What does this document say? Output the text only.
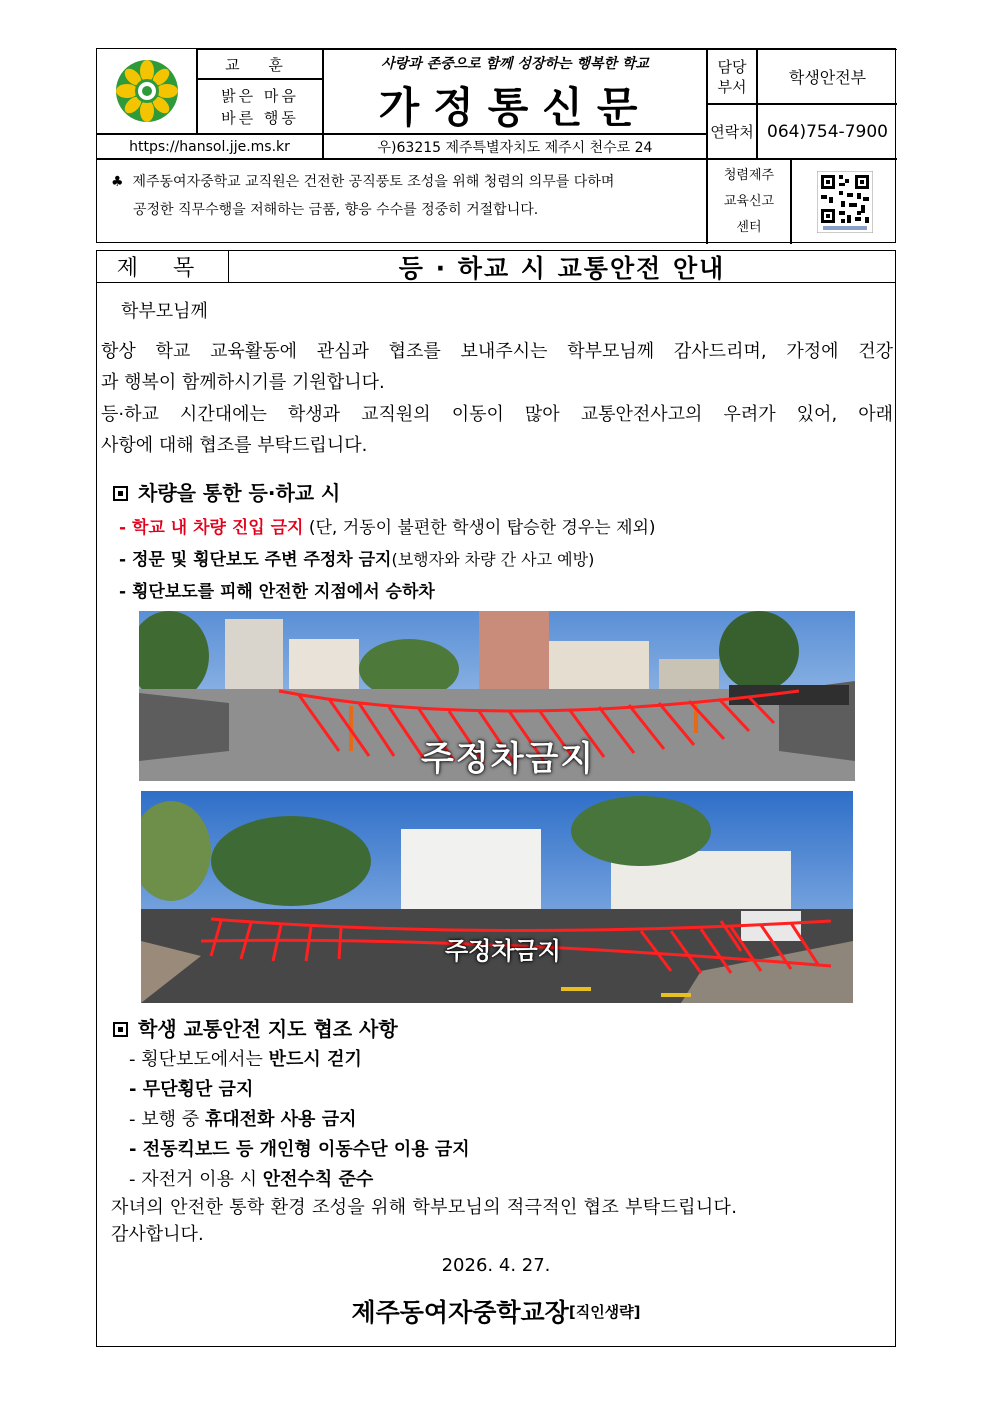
교 훈
밝은 마음
바른 행동
https://hansol.jje.ms.kr
사랑과 존중으로 함께 성장하는 행복한 학교
가정통신문
우)63215 제주특별자치도 제주시 천수로 24
담당
부서	학생안전부
연락처 064)754-7900
♣ 제주동여자중학교 교직원은 건전한 공직풍토 조성을 위해 청렴의 의무를 다하며
공정한 직무수행을 저해하는 금품, 향응 수수를 정중히 거절합니다.
청렴제주
교육신고
센터
제 목	등 · 하교 시 교통안전 안내
학부모님께
항상 학교 교육활동에 관심과 협조를 보내주시는 학부모님께 감사드리며, 가정에 건강
과 행복이 함께하시기를 기원합니다.
등·하교 시간대에는 학생과 교직원의 이동이 많아 교통안전사고의 우려가 있어, 아래
사항에 대해 협조를 부탁드립니다.
차량을 통한 등·하교 시
- 학교 내 차량 진입 금지 (단, 거동이 불편한 학생이 탑승한 경우는 제외)
- 정문 및 횡단보도 주변 주정차 금지(보행자와 차량 간 사고 예방)
- 횡단보도를 피해 안전한 지점에서 승하차
주정차금지
주정차금지
학생 교통안전 지도 협조 사항
- 횡단보도에서는 반드시 걷기
- 무단횡단 금지
- 보행 중 휴대전화 사용 금지
- 전동킥보드 등 개인형 이동수단 이용 금지
- 자전거 이용 시 안전수칙 준수
자녀의 안전한 통학 환경 조성을 위해 학부모님의 적극적인 협조 부탁드립니다.
감사합니다.
2026. 4. 27.
제주동여자중학교장 [직인생략]
